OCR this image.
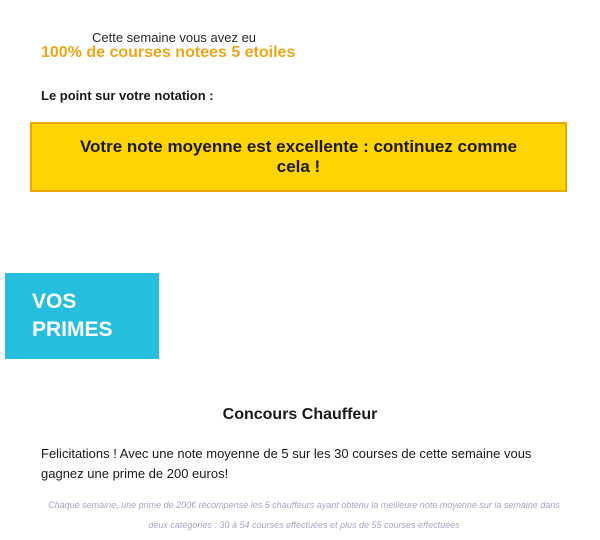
Cette semaine vous avez eu
100% de courses notees 5 etoiles
Le point sur votre notation :
Votre note moyenne est excellente : continuez comme cela !
VOS PRIMES
Concours Chauffeur
Felicitations ! Avec une note moyenne de 5 sur les 30 courses de cette semaine vous gagnez une prime de 200 euros!
Chaque semaine, une prime de 200€ récompense les 5 chauffeurs ayant obtenu la meilleure note moyenne sur la semaine dans deux catégories : 30 à 54 courses effectuées et plus de 55 courses effectuées
